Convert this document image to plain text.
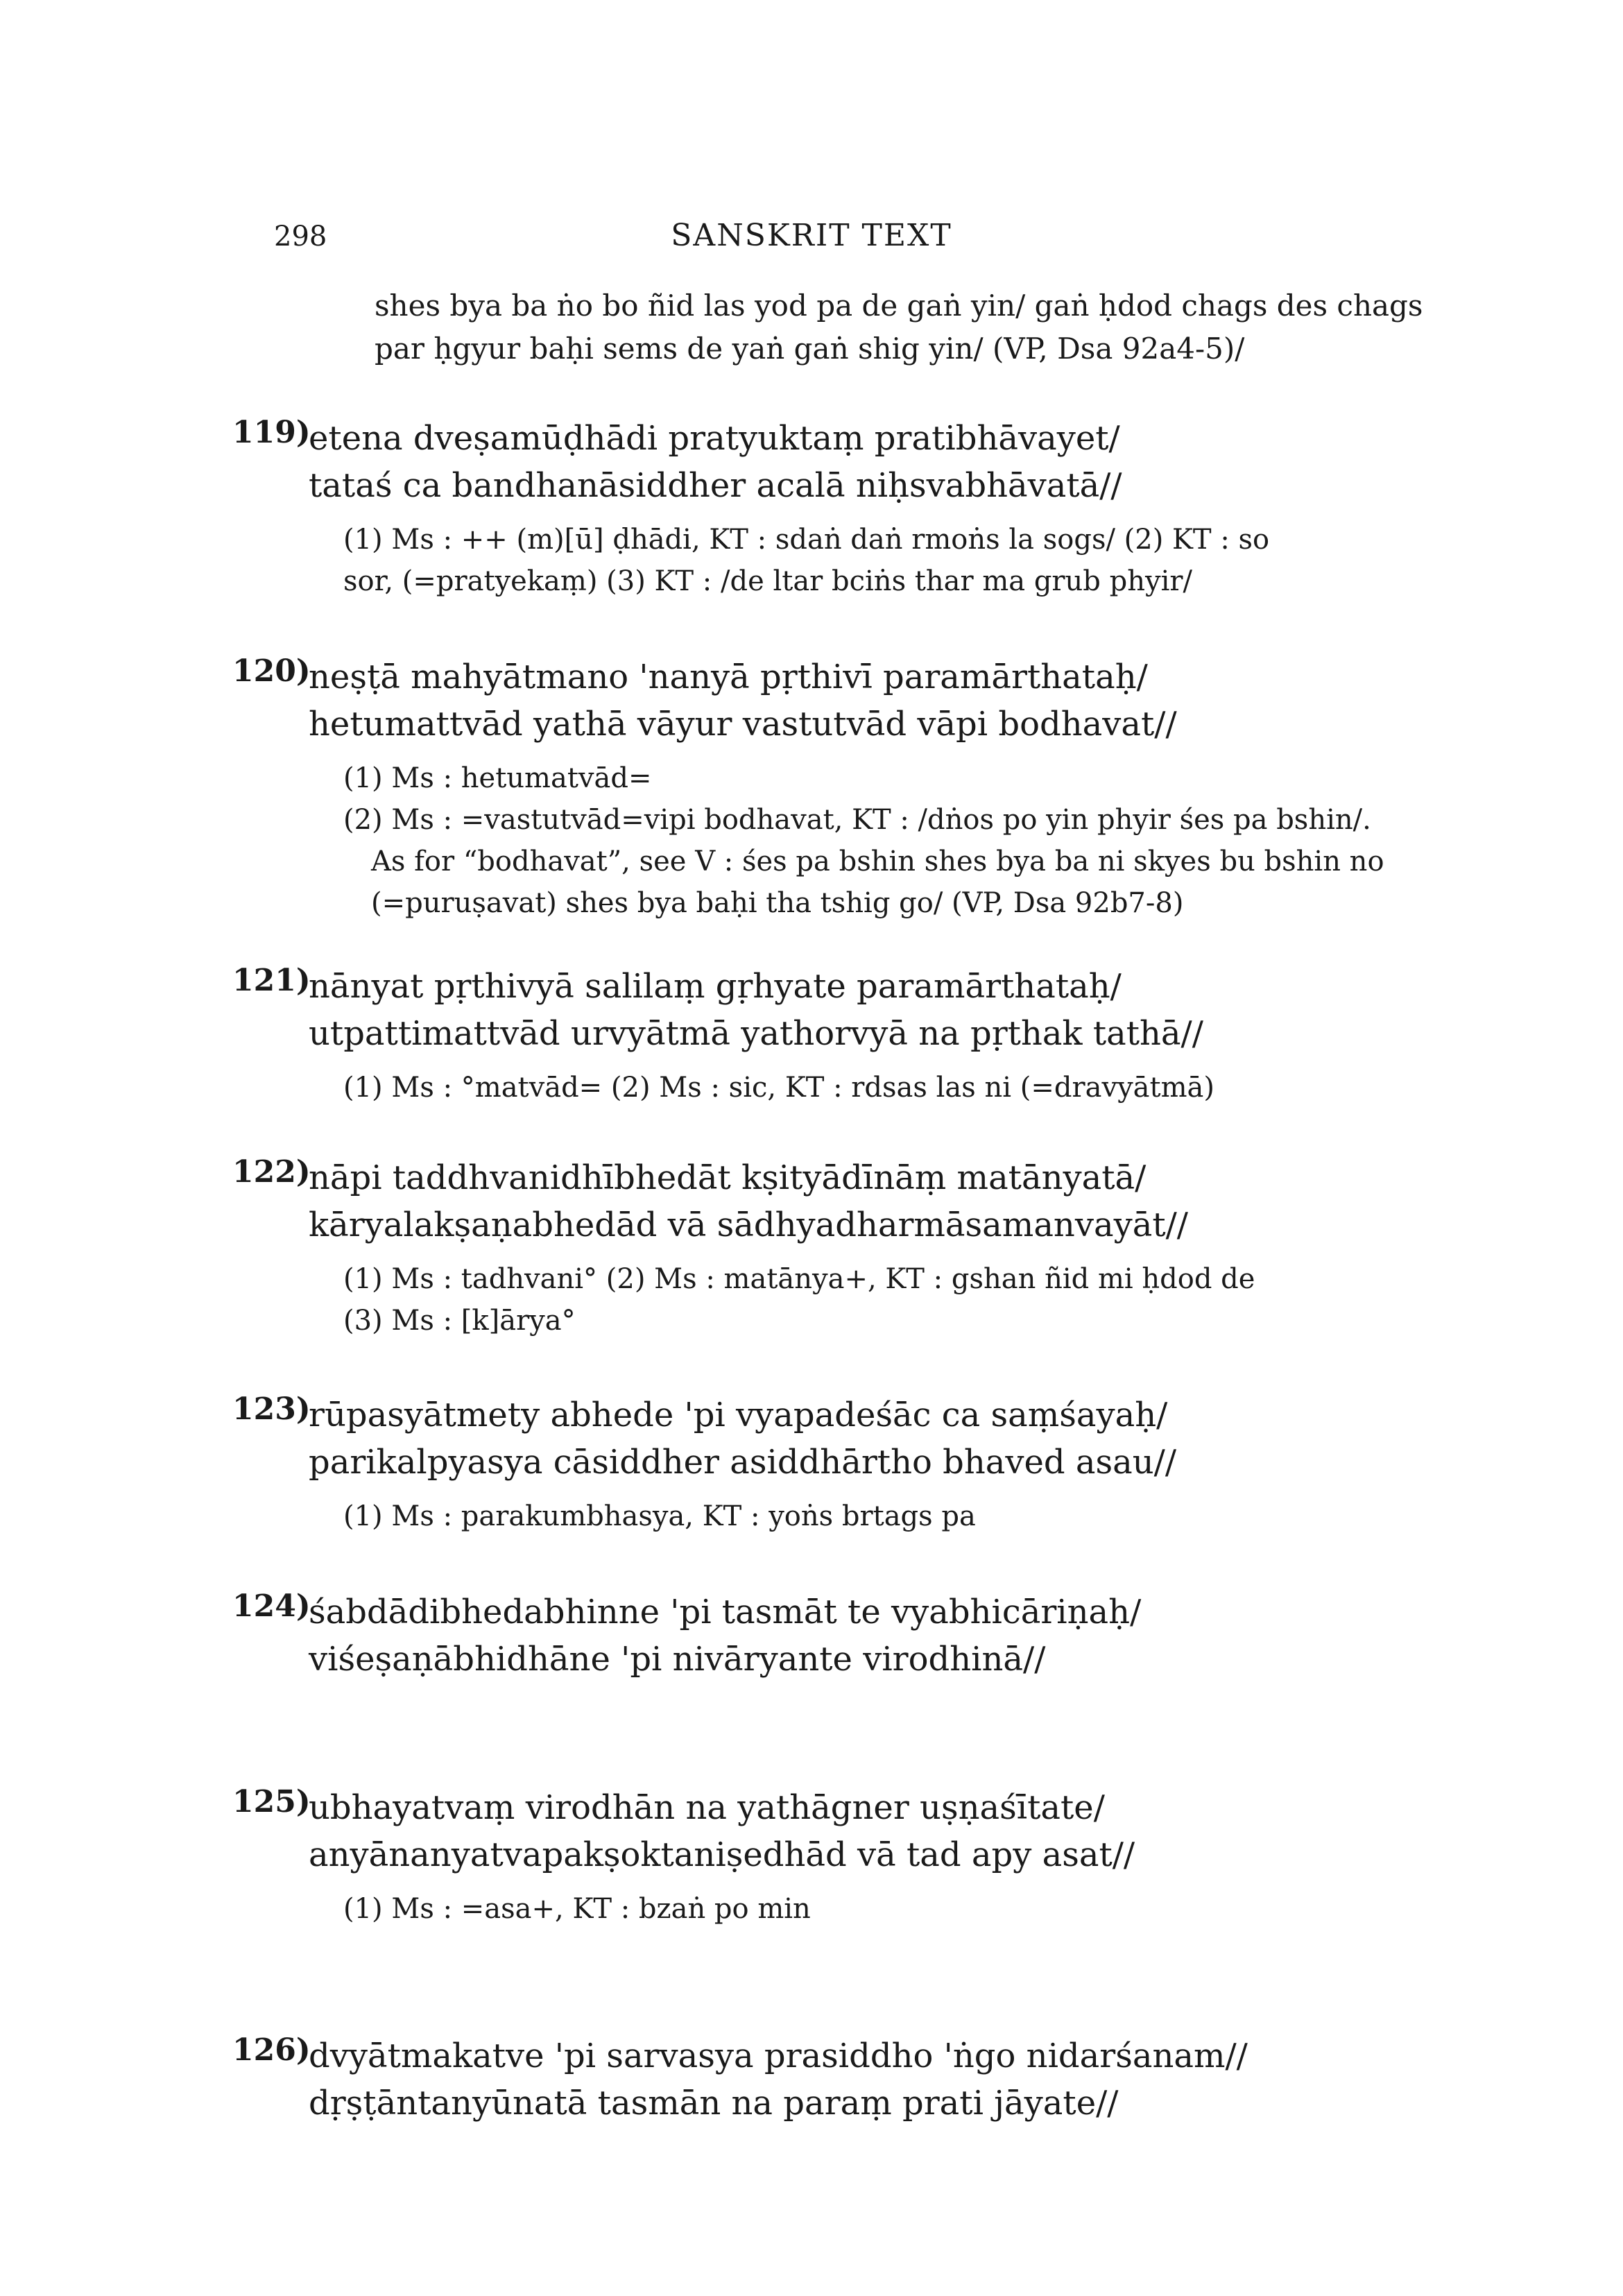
298	SANSKRIT TEXT
shes bya ba ṅo bo ñid las yod pa de gaṅ yin/ gaṅ ḥdod chags des chags
par ḥgyur baḥi sems de yaṅ gaṅ shig yin/ (VP, Dsa 92a4-5)/
119)
etena dveṣamūḍhādi pratyuktaṃ pratibhāvayet/
tataś ca bandhanāsiddher acalā niḥsvabhāvatā//
(1) Ms : ++ (m)[ū] ḍhādi, KT : sdaṅ daṅ rmoṅs la sogs/ (2) KT : so
sor, (=pratyekaṃ) (3) KT : /de ltar bciṅs thar ma grub phyir/
120)
neṣṭā mahyātmano 'nanyā pṛthivī paramārthataḥ/
hetumattvād yathā vāyur vastutvād vāpi bodhavat//
(1) Ms : hetumatvād=
(2) Ms : =vastutvād=vipi bodhavat, KT : /dṅos po yin phyir śes pa bshin/.
As for “bodhavat”, see V : śes pa bshin shes bya ba ni skyes bu bshin no
(=puruṣavat) shes bya baḥi tha tshig go/ (VP, Dsa 92b7-8)
121)
nānyat pṛthivyā salilaṃ gṛhyate paramārthataḥ/
utpattimattvād urvyātmā yathorvyā na pṛthak tathā//
(1) Ms : °matvād= (2) Ms : sic, KT : rdsas las ni (=dravyātmā)
122)
nāpi taddhvanidhībhedāt kṣityādīnāṃ matānyatā/
kāryalakṣaṇabhedād vā sādhyadharmāsamanvayāt//
(1) Ms : tadhvani° (2) Ms : matānya+, KT : gshan ñid mi ḥdod de
(3) Ms : [k]ārya°
123)
rūpasyātmety abhede 'pi vyapadeśāc ca saṃśayaḥ/
parikalpyasya cāsiddher asiddhārtho bhaved asau//
(1) Ms : parakumbhasya, KT : yoṅs brtags pa
124)
śabdādibhedabhinne 'pi tasmāt te vyabhicāriṇaḥ/
viśeṣaṇābhidhāne 'pi nivāryante virodhinā//
125)
ubhayatvaṃ virodhān na yathāgner uṣṇaśītate/
anyānanyatvapakṣoktaniṣedhād vā tad apy asat//
(1) Ms : =asa+, KT : bzaṅ po min
126)
dvyātmakatve 'pi sarvasya prasiddho 'ṅgo nidarśanam//
dṛṣṭāntanyūnatā tasmān na paraṃ prati jāyate//
